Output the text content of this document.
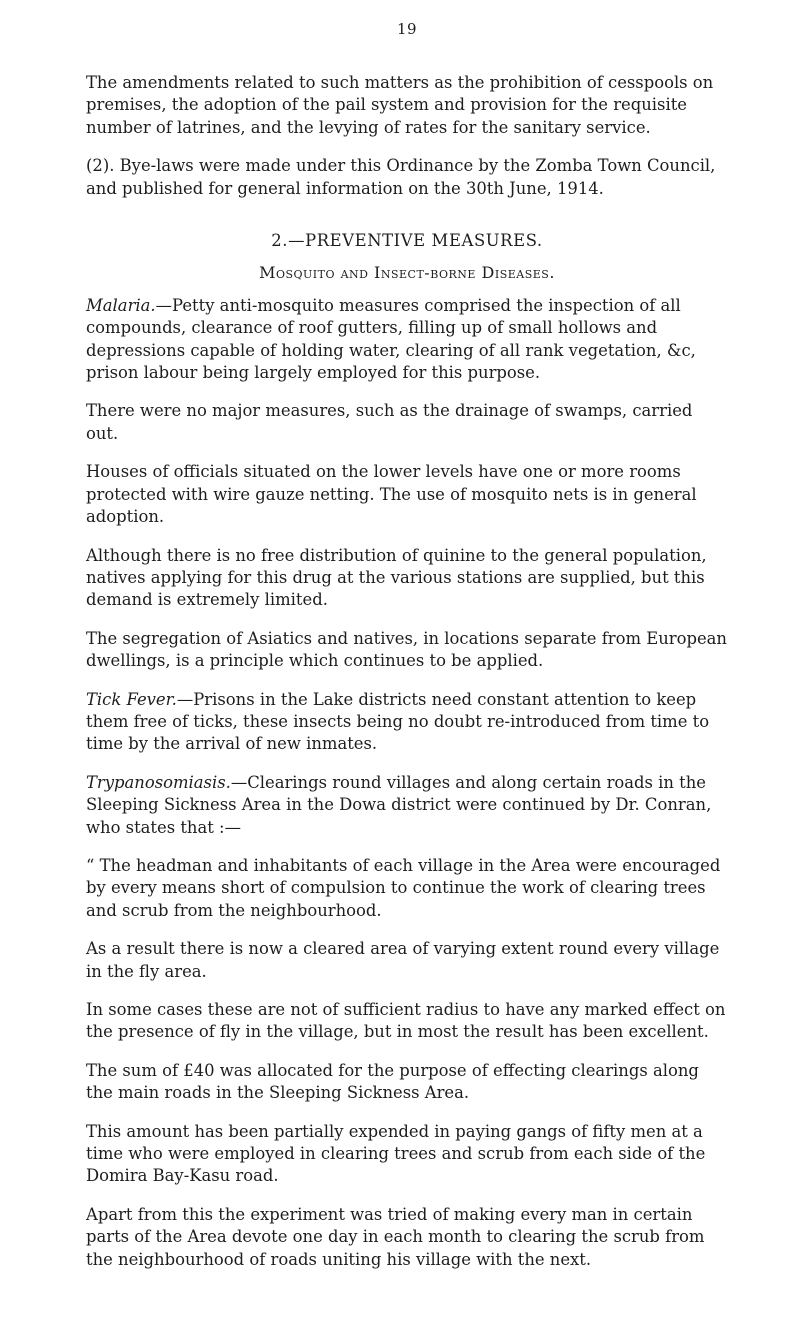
19

The amendments related to such matters as the prohibition of cesspools on premises, the adoption of the pail system and provision for the requisite number of latrines, and the levying of rates for the sanitary service.

(2). Bye-laws were made under this Ordinance by the Zomba Town Council, and published for general information on the 30th June, 1914.

2.—PREVENTIVE MEASURES.
Mosquito and Insect-borne Diseases.

Malaria.—Petty anti-mosquito measures comprised the inspection of all compounds, clearance of roof gutters, filling up of small hollows and depressions capable of holding water, clearing of all rank vegetation, &c, prison labour being largely employed for this purpose.

There were no major measures, such as the drainage of swamps, carried out.

Houses of officials situated on the lower levels have one or more rooms protected with wire gauze netting. The use of mosquito nets is in general adoption.

Although there is no free distribution of quinine to the general population, natives applying for this drug at the various stations are supplied, but this demand is extremely limited.

The segregation of Asiatics and natives, in locations separate from European dwellings, is a principle which continues to be applied.

Tick Fever.—Prisons in the Lake districts need constant attention to keep them free of ticks, these insects being no doubt re-introduced from time to time by the arrival of new inmates.

Trypanosomiasis.—Clearings round villages and along certain roads in the Sleeping Sickness Area in the Dowa district were continued by Dr. Conran, who states that :—

“ The headman and inhabitants of each village in the Area were encouraged by every means short of compulsion to continue the work of clearing trees and scrub from the neighbourhood.

As a result there is now a cleared area of varying extent round every village in the fly area.

In some cases these are not of sufficient radius to have any marked effect on the presence of fly in the village, but in most the result has been excellent.

The sum of £40 was allocated for the purpose of effecting clearings along the main roads in the Sleeping Sickness Area.

This amount has been partially expended in paying gangs of fifty men at a time who were employed in clearing trees and scrub from each side of the Domira Bay-Kasu road.

Apart from this the experiment was tried of making every man in certain parts of the Area devote one day in each month to clearing the scrub from the neighbourhood of roads uniting his village with the next.
